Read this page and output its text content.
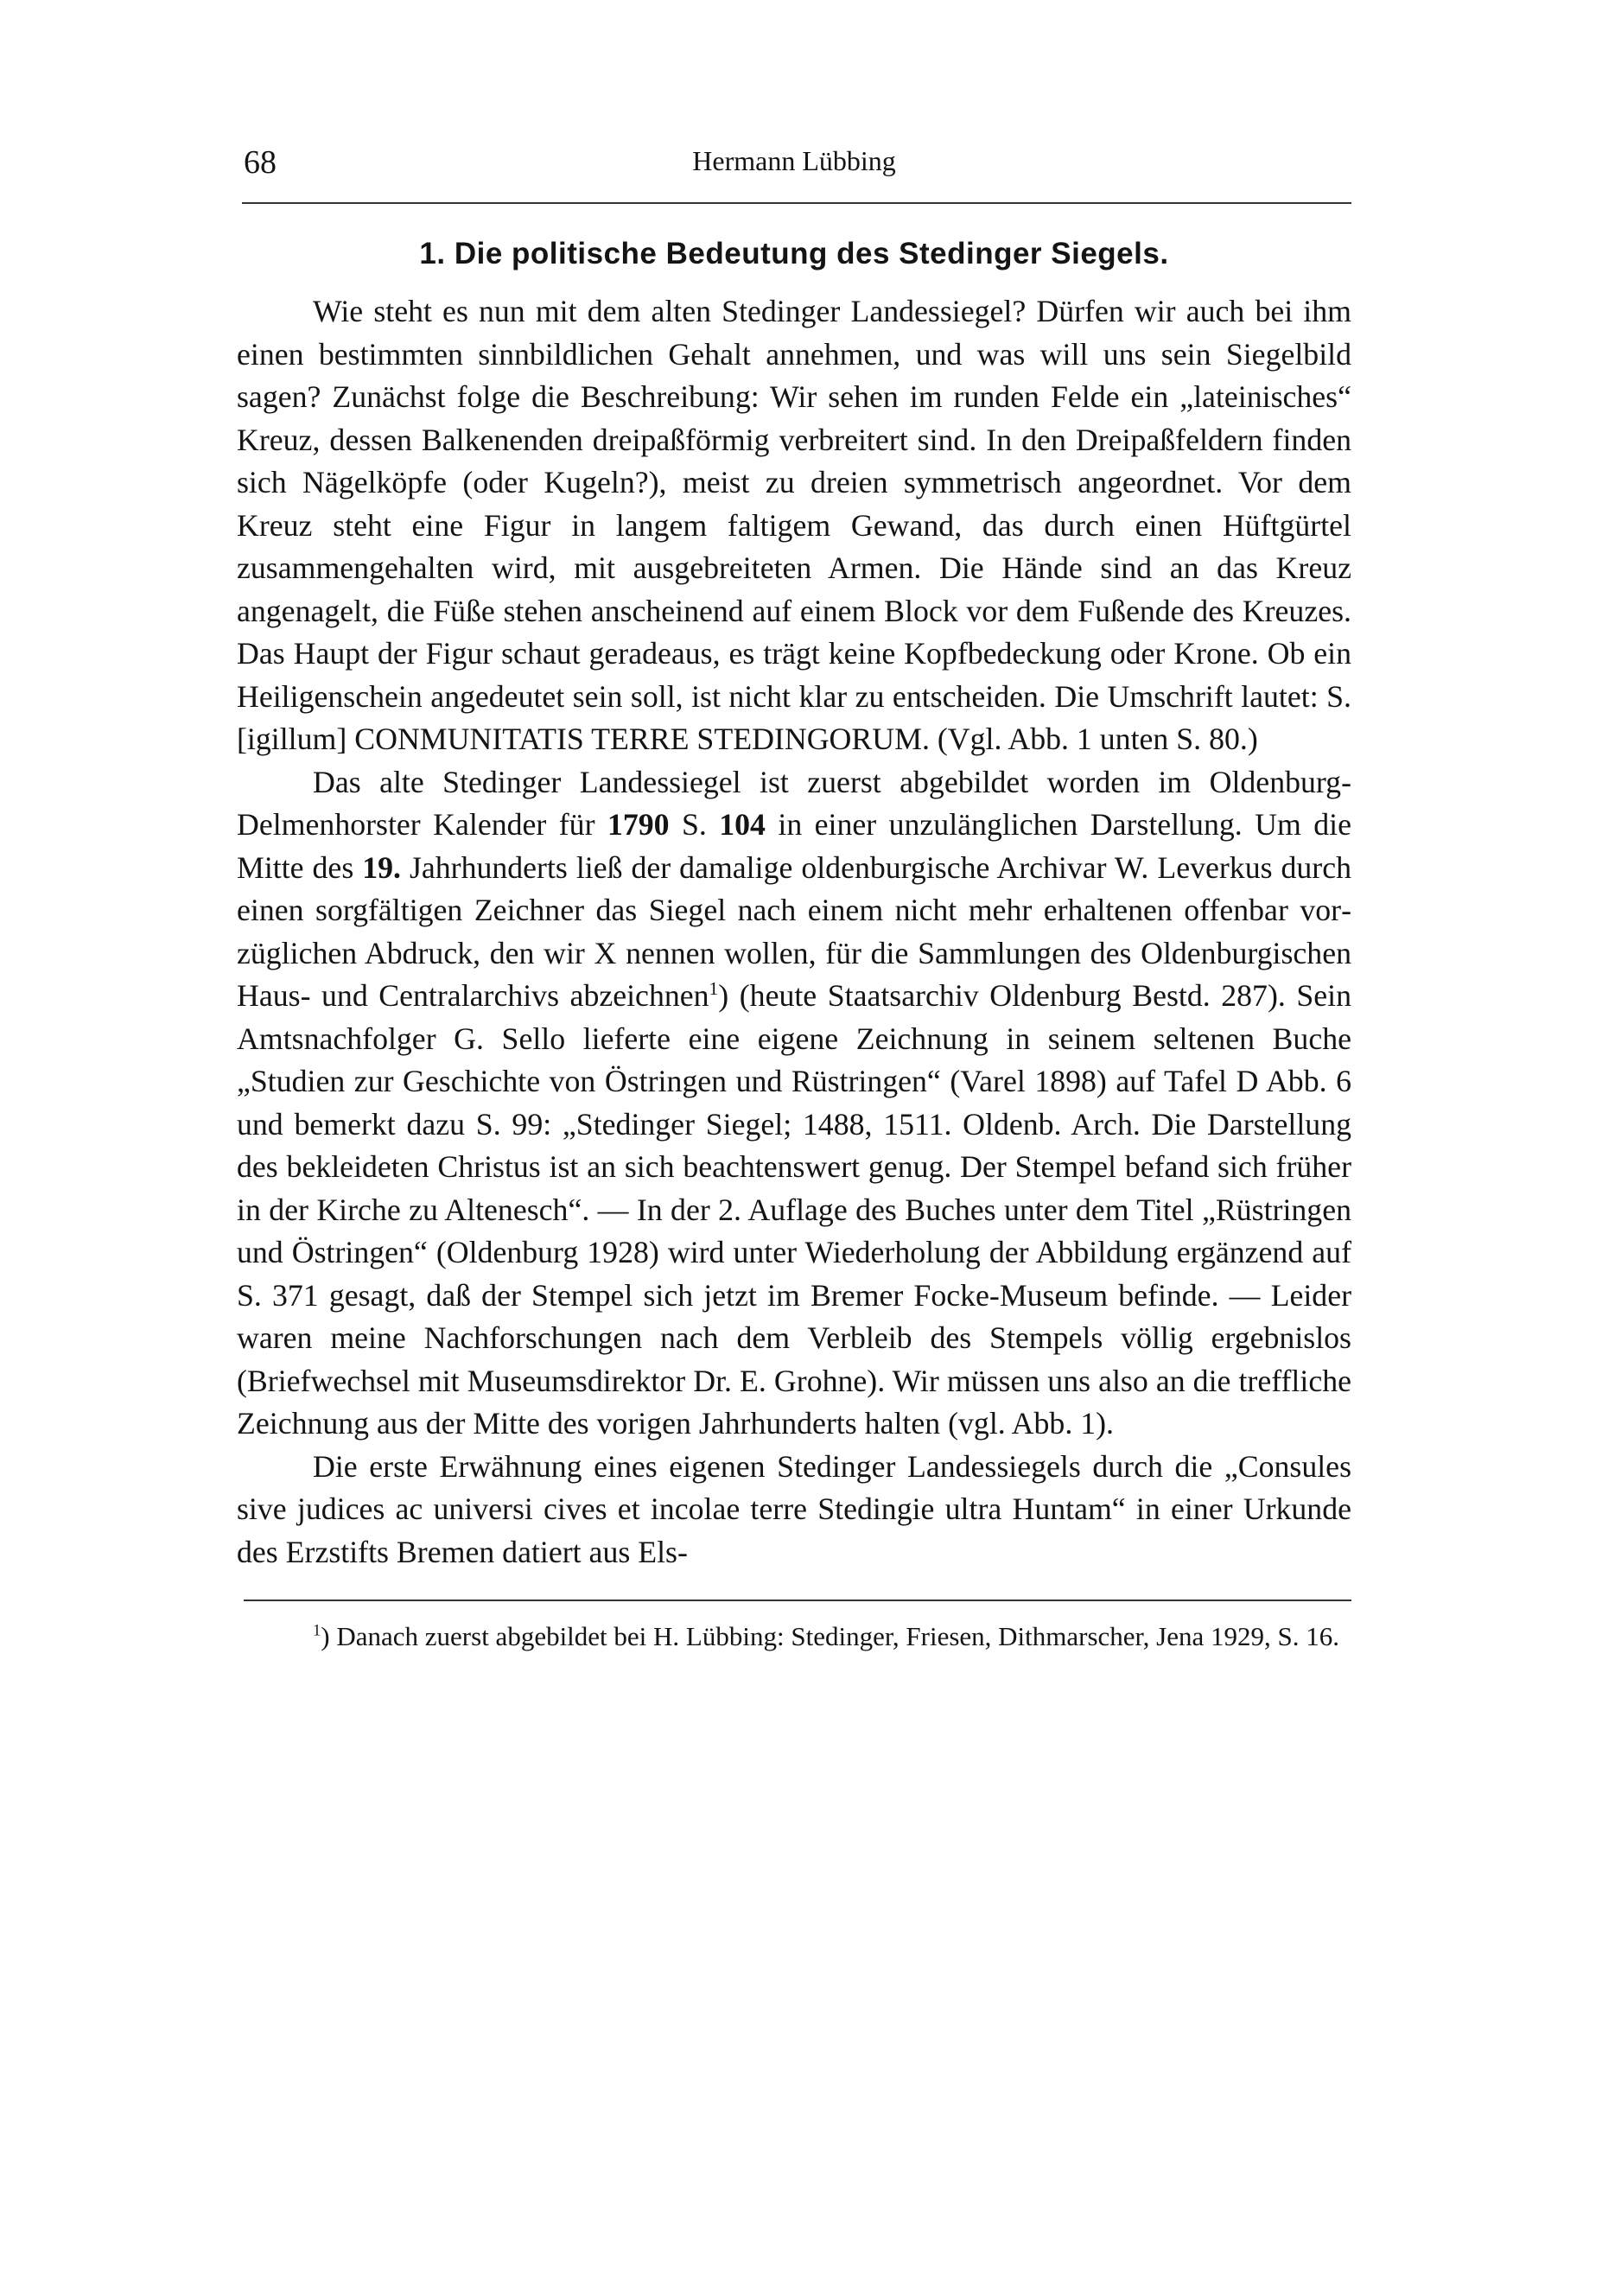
68	Hermann Lübbing
1. Die politische Bedeutung des Stedinger Siegels.

Wie steht es nun mit dem alten Stedinger Landessiegel? Dürfen wir auch bei ihm einen bestimmten sinnbildlichen Gehalt annehmen, und was will uns sein Siegelbild sagen? Zunächst folge die Beschreibung: Wir sehen im runden Felde ein „lateinisches“ Kreuz, dessen Balkenenden dreipaßförmig verbreitert sind. In den Dreipaßfeldern finden sich Nägelköpfe (oder Kugeln?), meist zu dreien symmetrisch angeordnet. Vor dem Kreuz steht eine Figur in langem faltigem Gewand, das durch einen Hüftgürtel zusammengehalten wird, mit ausgebreiteten Armen. Die Hände sind an das Kreuz angenagelt, die Füße stehen anscheinend auf einem Block vor dem Fußende des Kreuzes. Das Haupt der Figur schaut geradeaus, es trägt keine Kopfbedeckung oder Krone. Ob ein Heiligenschein angedeutet sein soll, ist nicht klar zu entscheiden. Die Umschrift lautet: S.[igillum] CONMUNITATIS TERRE STEDINGORUM. (Vgl. Abb. 1 unten S. 80.)

Das alte Stedinger Landessiegel ist zuerst abgebildet worden im Oldenburg-Delmenhorster Kalender für 1790 S. 104 in einer unzulänglichen Darstellung. Um die Mitte des 19. Jahrhunderts ließ der damalige oldenburgische Archivar W. Leverkus durch einen sorgfältigen Zeichner das Siegel nach einem nicht mehr erhaltenen offenbar vorzüglichen Abdruck, den wir X nennen wollen, für die Sammlungen des Oldenburgischen Haus- und Centralarchivs abzeichnen$^1$) (heute Staatsarchiv Oldenburg Bestd. 287). Sein Amtsnachfolger G. Sello lieferte eine eigene Zeichnung in seinem seltenen Buche „Studien zur Geschichte von Östringen und Rüstringen“ (Varel 1898) auf Tafel D Abb. 6 und bemerkt dazu S. 99: „Stedinger Siegel; 1488, 1511. Oldenb. Arch. Die Darstellung des bekleideten Christus ist an sich beachtenswert genug. Der Stempel befand sich früher in der Kirche zu Altenesch“. — In der 2. Auflage des Buches unter dem Titel „Rüstringen und Östringen“ (Oldenburg 1928) wird unter Wiederholung der Abbildung ergänzend auf S. 371 gesagt, daß der Stempel sich jetzt im Bremer Focke-Museum befinde. — Leider waren meine Nachforschungen nach dem Verbleib des Stempels völlig ergebnislos (Briefwechsel mit Museumsdirektor Dr. E. Grohne). Wir müssen uns also an die treffliche Zeichnung aus der Mitte des vorigen Jahrhunderts halten (vgl. Abb. 1).

Die erste Erwähnung eines eigenen Stedinger Landessiegels durch die „Consules sive judices ac universi cives et incolae terre Stedingie ultra Huntam“ in einer Urkunde des Erzstifts Bremen datiert aus Els-

$^1$) Danach zuerst abgebildet bei H. Lübbing: Stedinger, Friesen, Dithmarscher, Jena 1929, S. 16.
